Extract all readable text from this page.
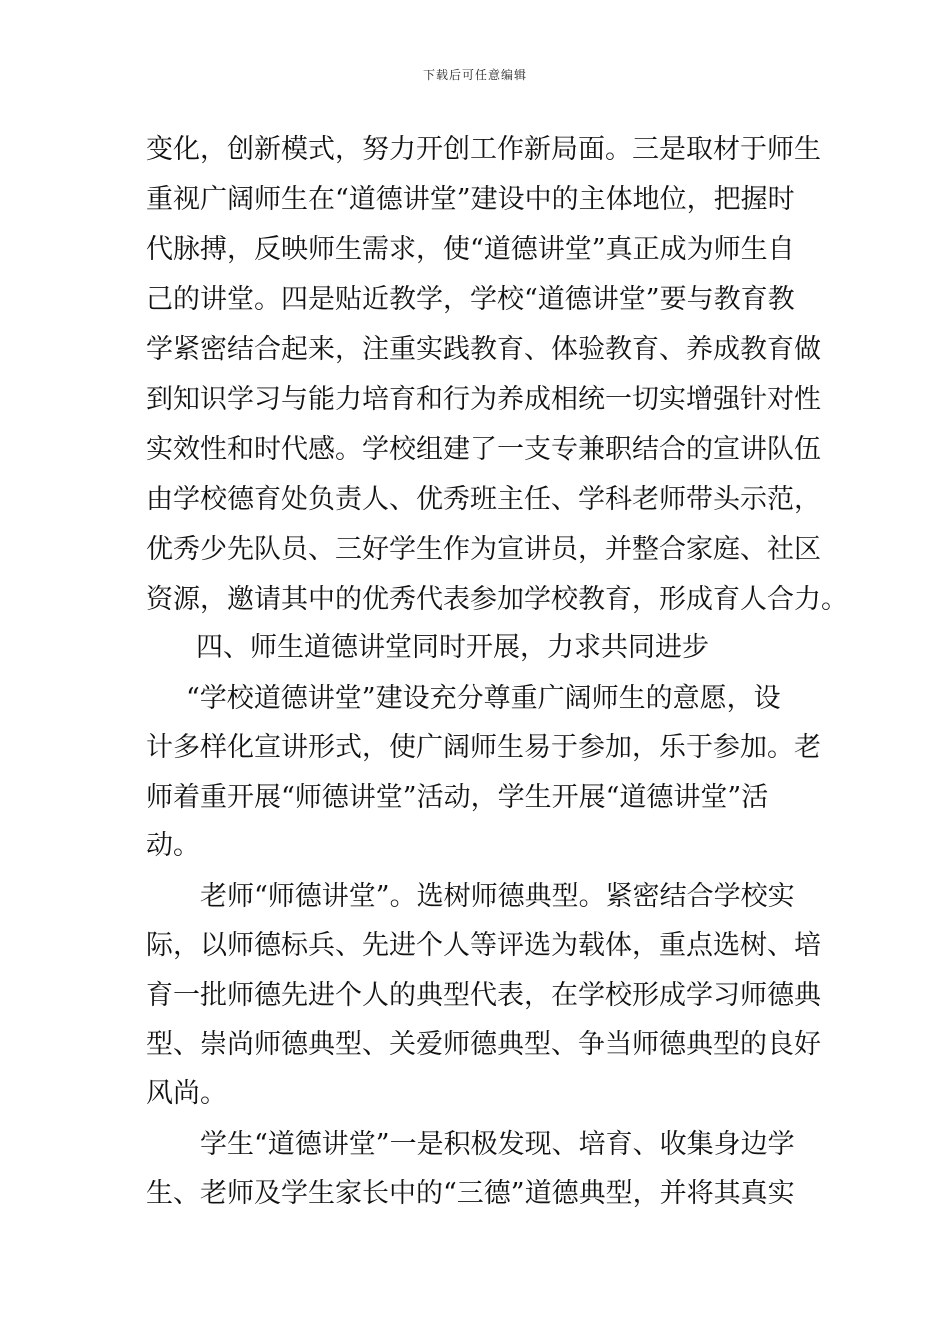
下载后可任意编辑
变化，创新模式，努力开创工作新局面。三是取材于师生
重视广阔师生在“道德讲堂”建设中的主体地位，把握时
代脉搏，反映师生需求，使“道德讲堂”真正成为师生自
己的讲堂。四是贴近教学，学校“道德讲堂”要与教育教
学紧密结合起来，注重实践教育、体验教育、养成教育做
到知识学习与能力培育和行为养成相统一切实增强针对性
实效性和时代感。学校组建了一支专兼职结合的宣讲队伍
由学校德育处负责人、优秀班主任、学科老师带头示范，
优秀少先队员、三好学生作为宣讲员，并整合家庭、社区
资源，邀请其中的优秀代表参加学校教育，形成育人合力。
四、师生道德讲堂同时开展，力求共同进步
“学校道德讲堂”建设充分尊重广阔师生的意愿，设
计多样化宣讲形式，使广阔师生易于参加，乐于参加。老
师着重开展“师德讲堂”活动，学生开展“道德讲堂”活
动。
老师“师德讲堂”。选树师德典型。紧密结合学校实
际，以师德标兵、先进个人等评选为载体，重点选树、培
育一批师德先进个人的典型代表，在学校形成学习师德典
型、崇尚师德典型、关爱师德典型、争当师德典型的良好
风尚。
学生“道德讲堂”一是积极发现、培育、收集身边学
生、老师及学生家长中的“三德”道德典型，并将其真实
